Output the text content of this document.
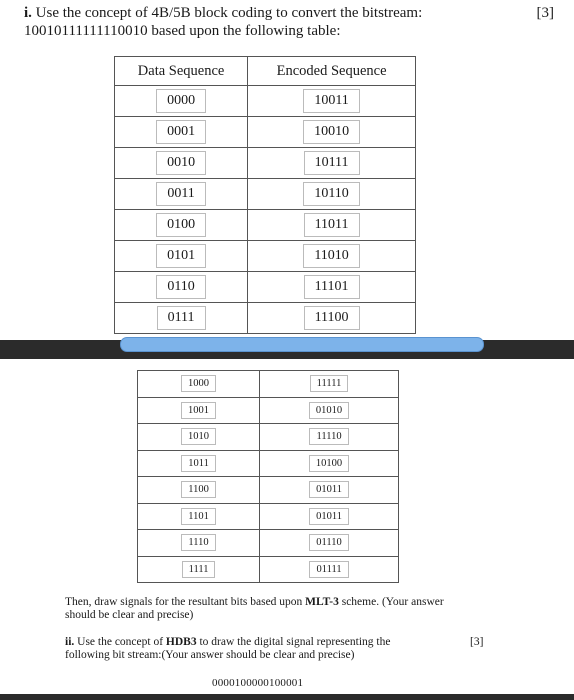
i. Use the concept of 4B/5B block coding to convert the bitstream:	[3]
10010111111110010 based upon the following table:
Data Sequence	Encoded Sequence
0000	10011
0001	10010
0010	10111
0011	10110
0100	11011
0101	11010
0110	11101
0111	11100
1000	11111
1001	01010
1010	11110
1011	10100
1100	01011
1101	01011
1110	01110
1111	01111
Then, draw signals for the resultant bits based upon MLT-3 scheme. (Your answer should be clear and precise)
ii. Use the concept of HDB3 to draw the digital signal representing the following bit stream:(Your answer should be clear and precise)
[3]
0000100000100001
